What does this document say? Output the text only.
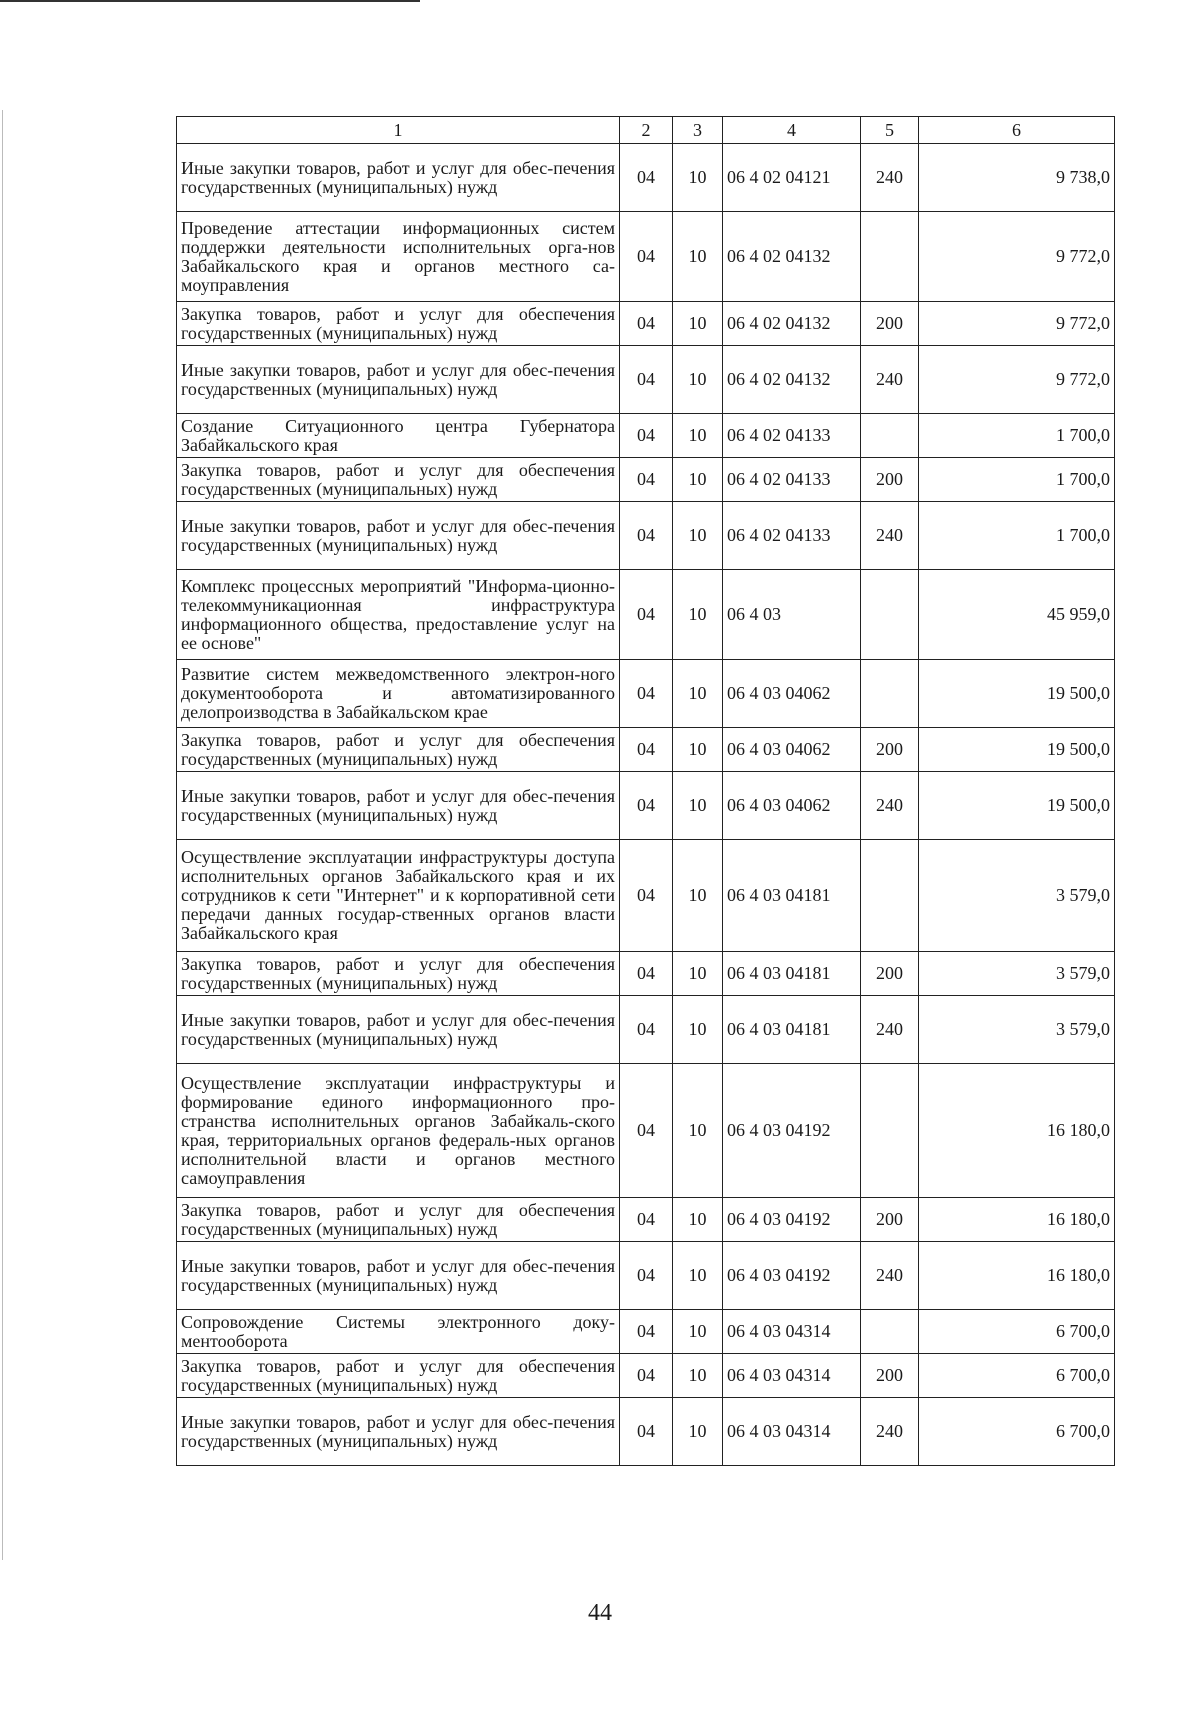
1	2	3	4	5	6
Иные закупки товаров, работ и услуг для обес-печения государственных (муниципальных) нужд	04	10	06 4 02 04121	240	9 738,0
Проведение аттестации информационных систем поддержки деятельности исполнительных орга-нов Забайкальского края и органов местного са-моуправления	04	10	06 4 02 04132		9 772,0
Закупка товаров, работ и услуг для обеспечения государственных (муниципальных) нужд	04	10	06 4 02 04132	200	9 772,0
Иные закупки товаров, работ и услуг для обес-печения государственных (муниципальных) нужд	04	10	06 4 02 04132	240	9 772,0
Создание Ситуационного центра Губернатора Забайкальского края	04	10	06 4 02 04133		1 700,0
Закупка товаров, работ и услуг для обеспечения государственных (муниципальных) нужд	04	10	06 4 02 04133	200	1 700,0
Иные закупки товаров, работ и услуг для обес-печения государственных (муниципальных) нужд	04	10	06 4 02 04133	240	1 700,0
Комплекс процессных мероприятий "Информа-ционно-телекоммуникационная инфраструктура информационного общества, предоставление услуг на ее основе"	04	10	06 4 03		45 959,0
Развитие систем межведомственного электрон-ного документооборота и автоматизированного делопроизводства в Забайкальском крае	04	10	06 4 03 04062		19 500,0
Закупка товаров, работ и услуг для обеспечения государственных (муниципальных) нужд	04	10	06 4 03 04062	200	19 500,0
Иные закупки товаров, работ и услуг для обес-печения государственных (муниципальных) нужд	04	10	06 4 03 04062	240	19 500,0
Осуществление эксплуатации инфраструктуры доступа исполнительных органов Забайкальского края и их сотрудников к сети "Интернет" и к корпоративной сети передачи данных государ-ственных органов власти Забайкальского края	04	10	06 4 03 04181		3 579,0
Закупка товаров, работ и услуг для обеспечения государственных (муниципальных) нужд	04	10	06 4 03 04181	200	3 579,0
Иные закупки товаров, работ и услуг для обес-печения государственных (муниципальных) нужд	04	10	06 4 03 04181	240	3 579,0
Осуществление эксплуатации инфраструктуры и формирование единого информационного про-странства исполнительных органов Забайкаль-ского края, территориальных органов федераль-ных органов исполнительной власти и органов местного самоуправления	04	10	06 4 03 04192		16 180,0
Закупка товаров, работ и услуг для обеспечения государственных (муниципальных) нужд	04	10	06 4 03 04192	200	16 180,0
Иные закупки товаров, работ и услуг для обес-печения государственных (муниципальных) нужд	04	10	06 4 03 04192	240	16 180,0
Сопровождение Системы электронного доку-ментооборота	04	10	06 4 03 04314		6 700,0
Закупка товаров, работ и услуг для обеспечения государственных (муниципальных) нужд	04	10	06 4 03 04314	200	6 700,0
Иные закупки товаров, работ и услуг для обес-печения государственных (муниципальных) нужд	04	10	06 4 03 04314	240	6 700,0
44
